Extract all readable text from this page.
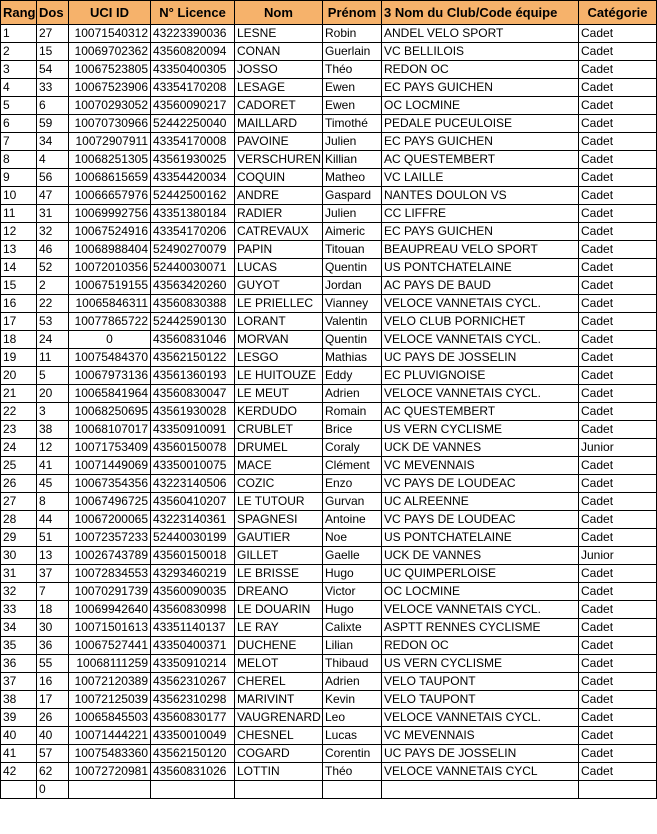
Rang	Dos	UCI ID	N° Licence	Nom	Prénom	3 Nom du Club/Code équipe	Catégorie
1	27	10071540312	43223390036	LESNE	Robin	ANDEL VELO SPORT	Cadet
2	15	10069702362	43560820094	CONAN	Guerlain	VC BELLILOIS	Cadet
3	54	10067523805	43350400305	JOSSO	Théo	REDON OC	Cadet
4	33	10067523906	43354170208	LESAGE	Ewen	EC PAYS GUICHEN	Cadet
5	6	10070293052	43560090217	CADORET	Ewen	OC LOCMINE	Cadet
6	59	10070730966	52442250040	MAILLARD	Timothé	PEDALE PUCEULOISE	Cadet
7	34	10072907911	43354170008	PAVOINE	Julien	EC PAYS GUICHEN	Cadet
8	4	10068251305	43561930025	VERSCHUREN	Killian	AC QUESTEMBERT	Cadet
9	56	10068615659	43354420034	COQUIN	Matheo	VC LAILLE	Cadet
10	47	10066657976	52442500162	ANDRE	Gaspard	NANTES DOULON VS	Cadet
11	31	10069992756	43351380184	RADIER	Julien	CC LIFFRE	Cadet
12	32	10067524916	43354170206	CATREVAUX	Aimeric	EC PAYS GUICHEN	Cadet
13	46	10068988404	52490270079	PAPIN	Titouan	BEAUPREAU VELO SPORT	Cadet
14	52	10072010356	52440030071	LUCAS	Quentin	US PONTCHATELAINE	Cadet
15	2	10067519155	43563420260	GUYOT	Jordan	AC PAYS DE BAUD	Cadet
16	22	10065846311	43560830388	LE PRIELLEC	Vianney	VELOCE VANNETAIS CYCL.	Cadet
17	53	10077865722	52442590130	LORANT	Valentin	VELO CLUB PORNICHET	Cadet
18	24	0	43560831046	MORVAN	Quentin	VELOCE VANNETAIS CYCL.	Cadet
19	11	10075484370	43562150122	LESGO	Mathias	UC PAYS DE JOSSELIN	Cadet
20	5	10067973136	43561360193	LE HUITOUZE	Eddy	EC PLUVIGNOISE	Cadet
21	20	10065841964	43560830047	LE MEUT	Adrien	VELOCE VANNETAIS CYCL.	Cadet
22	3	10068250695	43561930028	KERDUDO	Romain	AC QUESTEMBERT	Cadet
23	38	10068107017	43350910091	CRUBLET	Brice	US VERN CYCLISME	Cadet
24	12	10071753409	43560150078	DRUMEL	Coraly	UCK DE VANNES	Junior
25	41	10071449069	43350010075	MACE	Clément	VC MEVENNAIS	Cadet
26	45	10067354356	43223140506	COZIC	Enzo	VC PAYS DE LOUDEAC	Cadet
27	8	10067496725	43560410207	LE TUTOUR	Gurvan	UC ALREENNE	Cadet
28	44	10067200065	43223140361	SPAGNESI	Antoine	VC PAYS DE LOUDEAC	Cadet
29	51	10072357233	52440030199	GAUTIER	Noe	US PONTCHATELAINE	Cadet
30	13	10026743789	43560150018	GILLET	Gaelle	UCK DE VANNES	Junior
31	37	10072834553	43293460219	LE BRISSE	Hugo	UC QUIMPERLOISE	Cadet
32	7	10070291739	43560090035	DREANO	Victor	OC LOCMINE	Cadet
33	18	10069942640	43560830998	LE DOUARIN	Hugo	VELOCE VANNETAIS CYCL.	Cadet
34	30	10071501613	43351140137	LE RAY	Calixte	ASPTT RENNES CYCLISME	Cadet
35	36	10067527441	43350400371	DUCHENE	Lilian	REDON OC	Cadet
36	55	10068111259	43350910214	MELOT	Thibaud	US VERN CYCLISME	Cadet
37	16	10072120389	43562310267	CHEREL	Adrien	VELO TAUPONT	Cadet
38	17	10072125039	43562310298	MARIVINT	Kevin	VELO TAUPONT	Cadet
39	26	10065845503	43560830177	VAUGRENARD	Leo	VELOCE VANNETAIS CYCL.	Cadet
40	40	10071444221	43350010049	CHESNEL	Lucas	VC MEVENNAIS	Cadet
41	57	10075483360	43562150120	COGARD	Corentin	UC PAYS DE JOSSELIN	Cadet
42	62	10072720981	43560831026	LOTTIN	Théo	VELOCE VANNETAIS CYCL	Cadet
	0						
